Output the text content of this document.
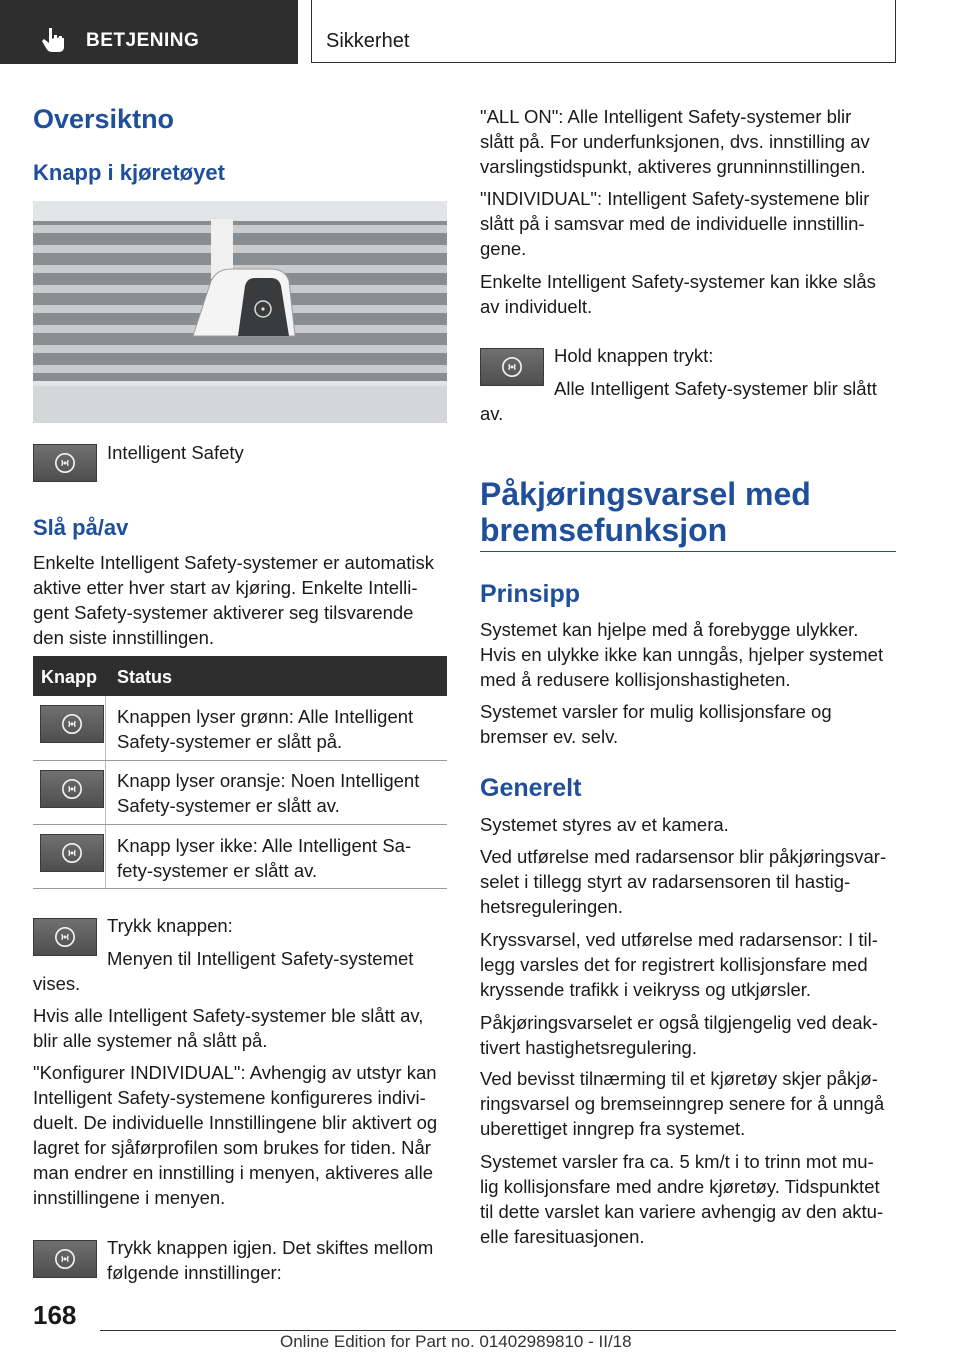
BETJENING	Sikkerhet
Oversiktno
Knapp i kjøretøyet
Intelligent Safety
Slå på/av
Enkelte Intelligent Safety-systemer er automatisk
aktive etter hver start av kjøring. Enkelte Intelli-
gent Safety-systemer aktiverer seg tilsvarende
den siste innstillingen.
Knapp Status
Knappen lyser grønn: Alle Intelligent
Safety-systemer er slått på.
Knapp lyser oransje: Noen Intelligent
Safety-systemer er slått av.
Knapp lyser ikke: Alle Intelligent Sa-
fety-systemer er slått av.
Trykk knappen:
Menyen til Intelligent Safety-systemet
vises.
Hvis alle Intelligent Safety-systemer ble slått av,
blir alle systemer nå slått på.
"Konfigurer INDIVIDUAL": Avhengig av utstyr kan
Intelligent Safety-systemene konfigureres indivi-
duelt. De individuelle Innstillingene blir aktivert og
lagret for sjåførprofilen som brukes for tiden. Når
man endrer en innstilling i menyen, aktiveres alle
innstillingene i menyen.
Trykk knappen igjen. Det skiftes mellom
følgende innstillinger:
"ALL ON": Alle Intelligent Safety-systemer blir
slått på. For underfunksjonen, dvs. innstilling av
varslingstidspunkt, aktiveres grunninnstillingen.
"INDIVIDUAL": Intelligent Safety-systemene blir
slått på i samsvar med de individuelle innstillin-
gene.
Enkelte Intelligent Safety-systemer kan ikke slås
av individuelt.
Hold knappen trykt:
Alle Intelligent Safety-systemer blir slått
av.
Påkjøringsvarsel med
bremsefunksjon
Prinsipp
Systemet kan hjelpe med å forebygge ulykker.
Hvis en ulykke ikke kan unngås, hjelper systemet
med å redusere kollisjonshastigheten.
Systemet varsler for mulig kollisjonsfare og
bremser ev. selv.
Generelt
Systemet styres av et kamera.
Ved utførelse med radarsensor blir påkjøringsvar-
selet i tillegg styrt av radarsensoren til hastig-
hetsreguleringen.
Kryssvarsel, ved utførelse med radarsensor: I til-
legg varsles det for registrert kollisjonsfare med
kryssende trafikk i veikryss og utkjørsler.
Påkjøringsvarselet er også tilgjengelig ved deak-
tivert hastighetsregulering.
Ved bevisst tilnærming til et kjøretøy skjer påkjø-
ringsvarsel og bremseinngrep senere for å unngå
uberettiget inngrep fra systemet.
Systemet varsler fra ca. 5 km/t i to trinn mot mu-
lig kollisjonsfare med andre kjøretøy. Tidspunktet
til dette varslet kan variere avhengig av den aktu-
elle faresituasjonen.
168
Online Edition for Part no. 01402989810 - II/18
